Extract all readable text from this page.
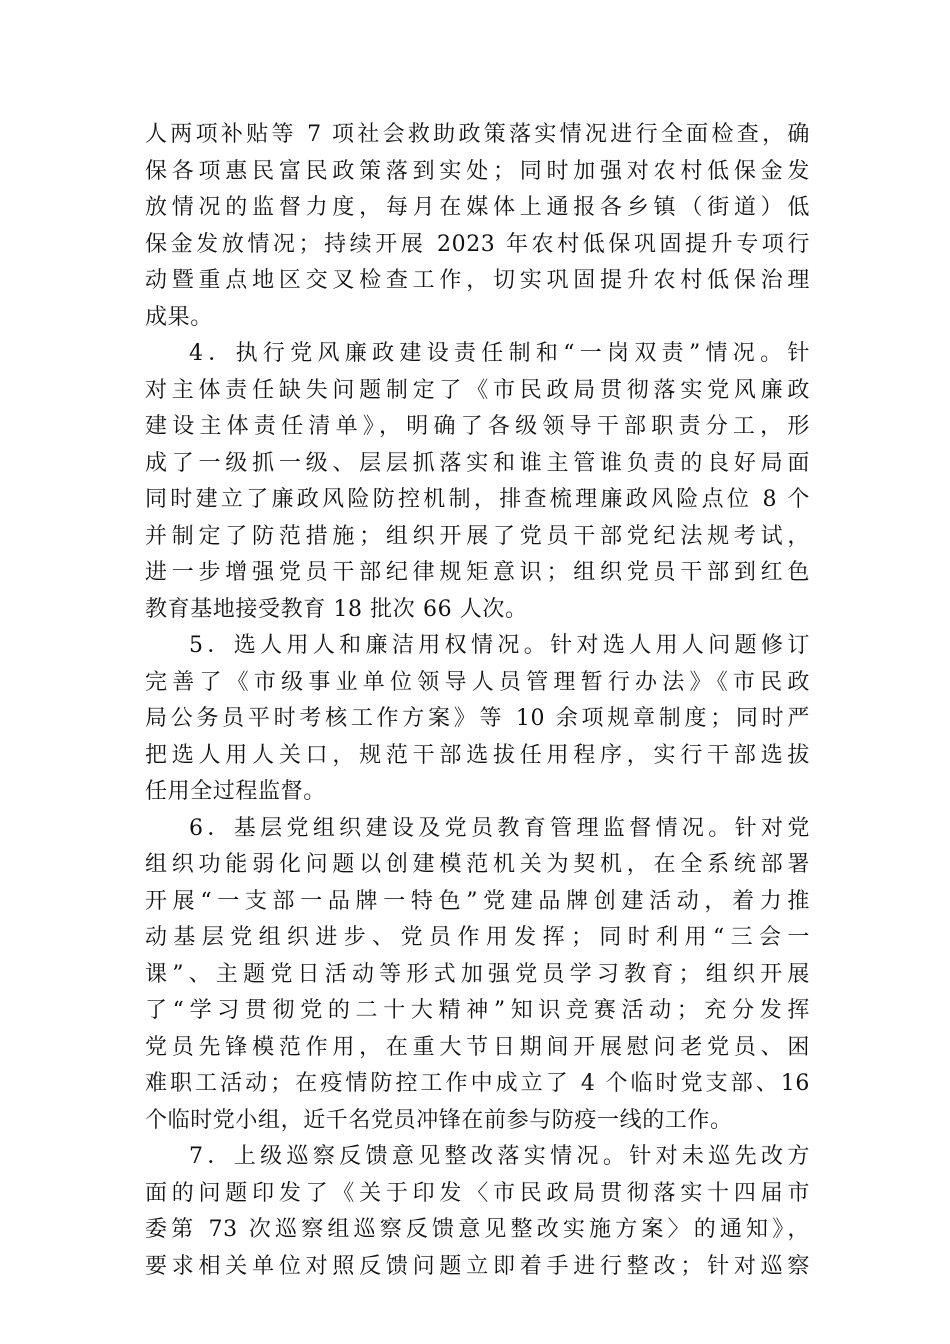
人两项补贴等 7 项社会救助政策落实情况进行全面检查，确
保各项惠民富民政策落到实处；同时加强对农村低保金发
放情况的监督力度，每月在媒体上通报各乡镇（街道）低
保金发放情况；持续开展 2023 年农村低保巩固提升专项行
动暨重点地区交叉检查工作，切实巩固提升农村低保治理
成果。
4．执行党风廉政建设责任制和“一岗双责”情况。针
对主体责任缺失问题制定了《市民政局贯彻落实党风廉政
建设主体责任清单》，明确了各级领导干部职责分工，形
成了一级抓一级、层层抓落实和谁主管谁负责的良好局面
同时建立了廉政风险防控机制，排查梳理廉政风险点位 8 个
并制定了防范措施；组织开展了党员干部党纪法规考试，
进一步增强党员干部纪律规矩意识；组织党员干部到红色
教育基地接受教育 18 批次 66 人次。
5．选人用人和廉洁用权情况。针对选人用人问题修订
完善了《市级事业单位领导人员管理暂行办法》《市民政
局公务员平时考核工作方案》等 10 余项规章制度；同时严
把选人用人关口，规范干部选拔任用程序，实行干部选拔
任用全过程监督。
6．基层党组织建设及党员教育管理监督情况。针对党
组织功能弱化问题以创建模范机关为契机，在全系统部署
开展“一支部一品牌一特色”党建品牌创建活动，着力推
动基层党组织进步、党员作用发挥；同时利用“三会一
课”、主题党日活动等形式加强党员学习教育；组织开展
了“学习贯彻党的二十大精神”知识竞赛活动；充分发挥
党员先锋模范作用，在重大节日期间开展慰问老党员、困
难职工活动；在疫情防控工作中成立了 4 个临时党支部、16
个临时党小组，近千名党员冲锋在前参与防疫一线的工作。
7．上级巡察反馈意见整改落实情况。针对未巡先改方
面的问题印发了《关于印发〈市民政局贯彻落实十四届市
委第 73 次巡察组巡察反馈意见整改实施方案〉的通知》，
要求相关单位对照反馈问题立即着手进行整改；针对巡察
